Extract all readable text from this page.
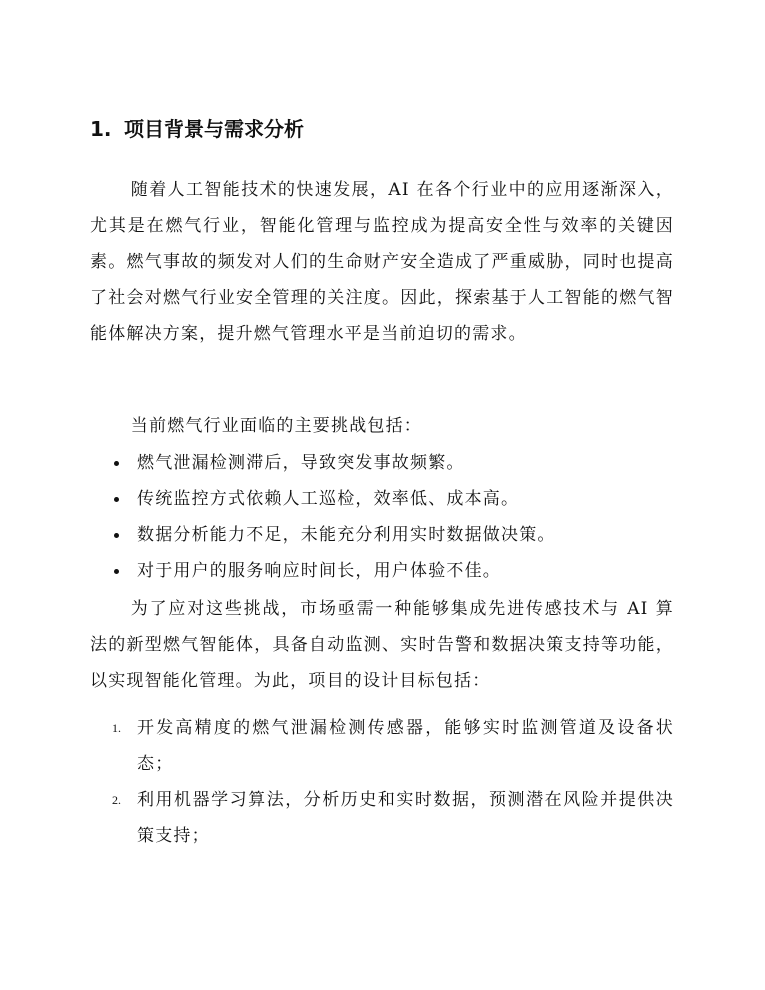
1. 项目背景与需求分析

随着人工智能技术的快速发展，AI 在各个行业中的应用逐渐深入，尤其是在燃气行业，智能化管理与监控成为提高安全性与效率的关键因素。燃气事故的频发对人们的生命财产安全造成了严重威胁，同时也提高了社会对燃气行业安全管理的关注度。因此，探索基于人工智能的燃气智能体解决方案，提升燃气管理水平是当前迫切的需求。

当前燃气行业面临的主要挑战包括：

燃气泄漏检测滞后，导致突发事故频繁。
传统监控方式依赖人工巡检，效率低、成本高。
数据分析能力不足，未能充分利用实时数据做决策。
对于用户的服务响应时间长，用户体验不佳。

为了应对这些挑战，市场亟需一种能够集成先进传感技术与 AI 算法的新型燃气智能体，具备自动监测、实时告警和数据决策支持等功能，以实现智能化管理。为此，项目的设计目标包括：

1. 开发高精度的燃气泄漏检测传感器，能够实时监测管道及设备状态；
2. 利用机器学习算法，分析历史和实时数据，预测潜在风险并提供决策支持；
